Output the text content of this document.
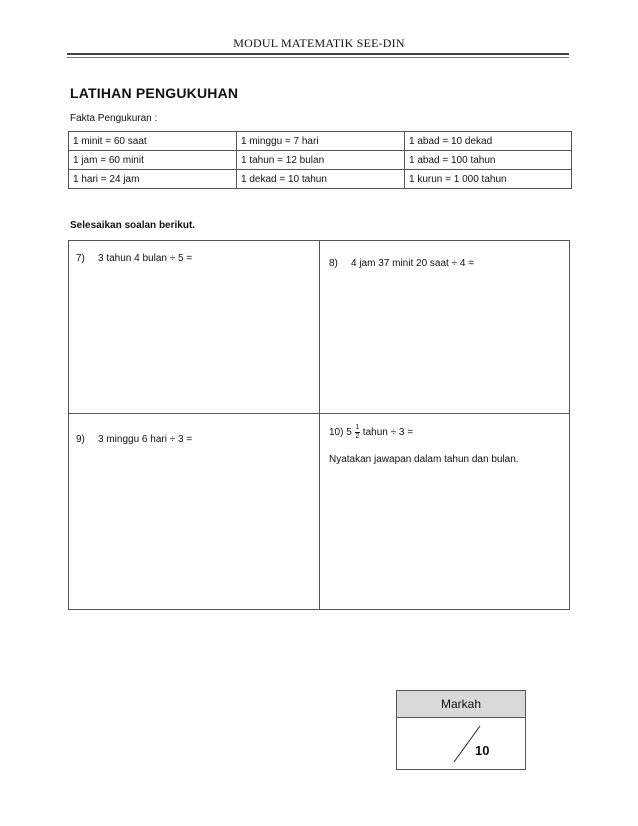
MODUL MATEMATIK SEE-DIN
LATIHAN PENGUKUHAN
Fakta Pengukuran :
1 minit = 60 saat	1 minggu = 7 hari	1 abad = 10 dekad
1 jam = 60 minit	1 tahun = 12 bulan	1 abad = 100 tahun
1 hari = 24 jam	1 dekad = 10 tahun	1 kurun = 1 000 tahun
Selesaikan soalan berikut.
7) 3 tahun 4 bulan ÷ 5 =	8) 4 jam 37 minit 20 saat ÷ 4 =
9) 3 minggu 6 hari ÷ 3 =
10) $5 \frac{1}{2}$ tahun ÷ 3 =
Nyatakan jawapan dalam tahun dan bulan.
Markah
10
